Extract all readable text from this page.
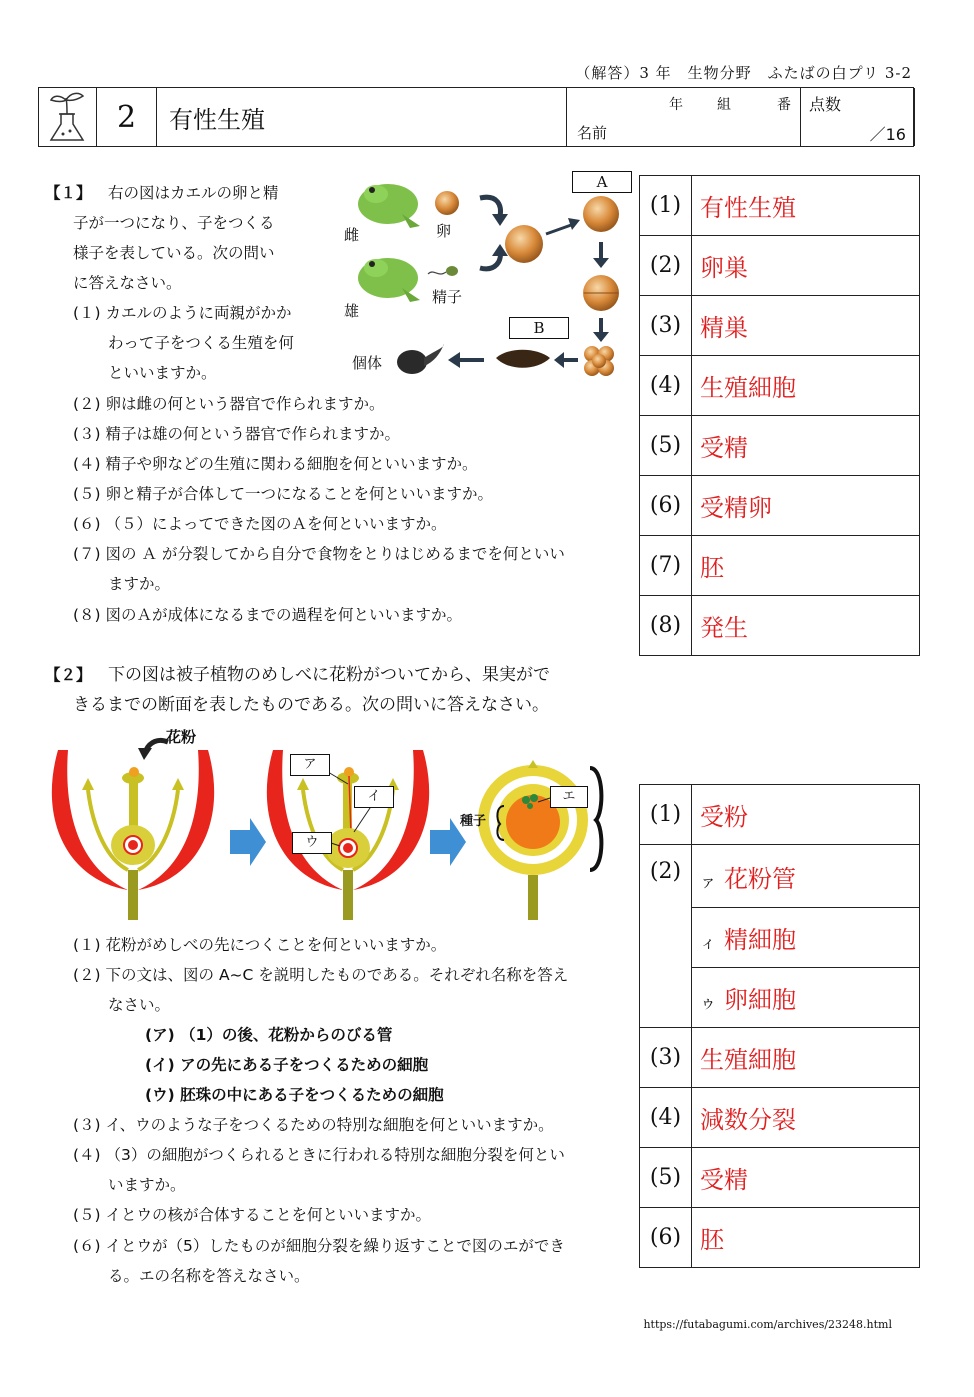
（解答）3 年　生物分野　ふたばの白プリ 3-2
2	有性生殖
年 組	番
名前
点数
／16
【１】 右の図はカエルの卵と精
子が一つになり、子をつくる
様子を表している。次の問い
に答えなさい。
(１) カエルのように両親がかか
わって子をつくる生殖を何
といいますか。
(２) 卵は雌の何という器官で作られますか。
(３) 精子は雄の何という器官で作られますか。
(４) 精子や卵などの生殖に関わる細胞を何といいますか。
(５) 卵と精子が合体して一つになることを何といいますか。
(６) （５）によってできた図のＡを何といいますか。
(７) 図の Ａ が分裂してから自分で食物をとりはじめるまでを何といい
ますか。
(８) 図のＡが成体になるまでの過程を何といいますか。
雌
雄
卵
精子
個体
A
B
(1)	有性生殖
(2)	卵巣
(3)	精巣
(4)	生殖細胞
(5)	受精
(6)	受精卵
(7)	胚
(8)	発生
【２】 下の図は被子植物のめしべに花粉がついてから、果実がで
きるまでの断面を表したものである。次の問いに答えなさい。
花粉
ア
イ
ウ
エ
種子
(１) 花粉がめしべの先につくことを何といいますか。
(２) 下の文は、図の A~C を説明したものである。それぞれ名称を答え
なさい。
(ア) （1）の後、花粉からのびる管
(イ) アの先にある子をつくるための細胞
(ウ) 胚珠の中にある子をつくるための細胞
(３) イ、ウのような子をつくるための特別な細胞を何といいますか。
(４) （3）の細胞がつくられるときに行われる特別な細胞分裂を何とい
いますか。
(５) イとウの核が合体することを何といいますか。
(６) イとウが（5）したものが細胞分裂を繰り返すことで図のエができ
る。エの名称を答えなさい。
(1)	受粉
(2)	ァ 花粉管
	ィ 精細胞
	ゥ 卵細胞
(3)	生殖細胞
(4)	減数分裂
(5)	受精
(6)	胚
https://futabagumi.com/archives/23248.html
